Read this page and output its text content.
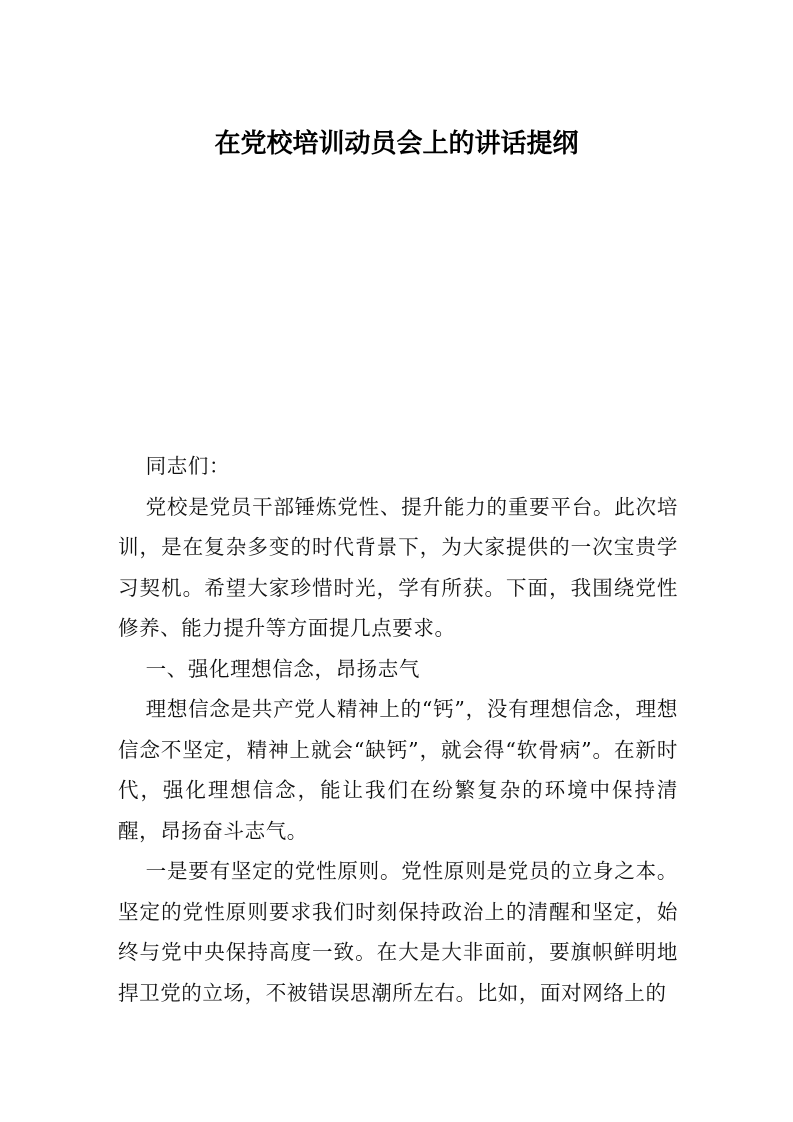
在党校培训动员会上的讲话提纲

同志们：

党校是党员干部锤炼党性、提升能力的重要平台。此次培训，是在复杂多变的时代背景下，为大家提供的一次宝贵学习契机。希望大家珍惜时光，学有所获。下面，我围绕党性修养、能力提升等方面提几点要求。

一、强化理想信念，昂扬志气

理想信念是共产党人精神上的“钙”，没有理想信念，理想信念不坚定，精神上就会“缺钙”，就会得“软骨病”。在新时代，强化理想信念，能让我们在纷繁复杂的环境中保持清醒，昂扬奋斗志气。

一是要有坚定的党性原则。党性原则是党员的立身之本。坚定的党性原则要求我们时刻保持政治上的清醒和坚定，始终与党中央保持高度一致。在大是大非面前，要旗帜鲜明地捍卫党的立场，不被错误思潮所左右。比如，面对网络上的
